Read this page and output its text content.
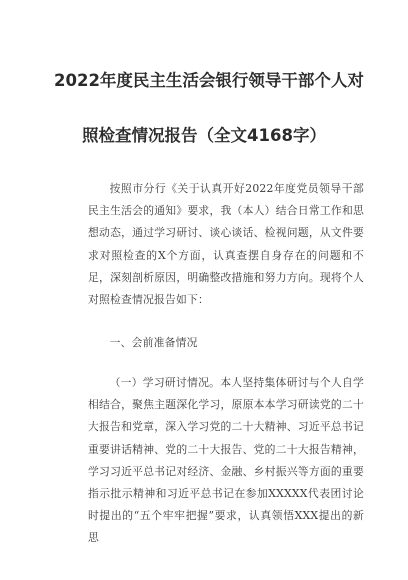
2022年度民主生活会银行领导干部个人对
照检查情况报告（全文4168字）

按照市分行《关于认真开好2022年度党员领导干部民主生活会的通知》要求，我（本人）结合日常工作和思想动态，通过学习研讨、谈心谈话、检视问题，从文件要求对照检查的X个方面，认真查摆自身存在的问题和不足，深刻剖析原因，明确整改措施和努力方向。现将个人对照检查情况报告如下：

一、会前准备情况

（一）学习研讨情况。本人坚持集体研讨与个人自学相结合，聚焦主题深化学习，原原本本学习研读党的二十大报告和党章，深入学习党的二十大精神、习近平总书记重要讲话精神、党的二十大报告、党的二十大报告精神，学习习近平总书记对经济、金融、乡村振兴等方面的重要指示批示精神和习近平总书记在参加XXXXX代表团讨论时提出的“五个牢牢把握”要求，认真领悟XXX提出的新思
